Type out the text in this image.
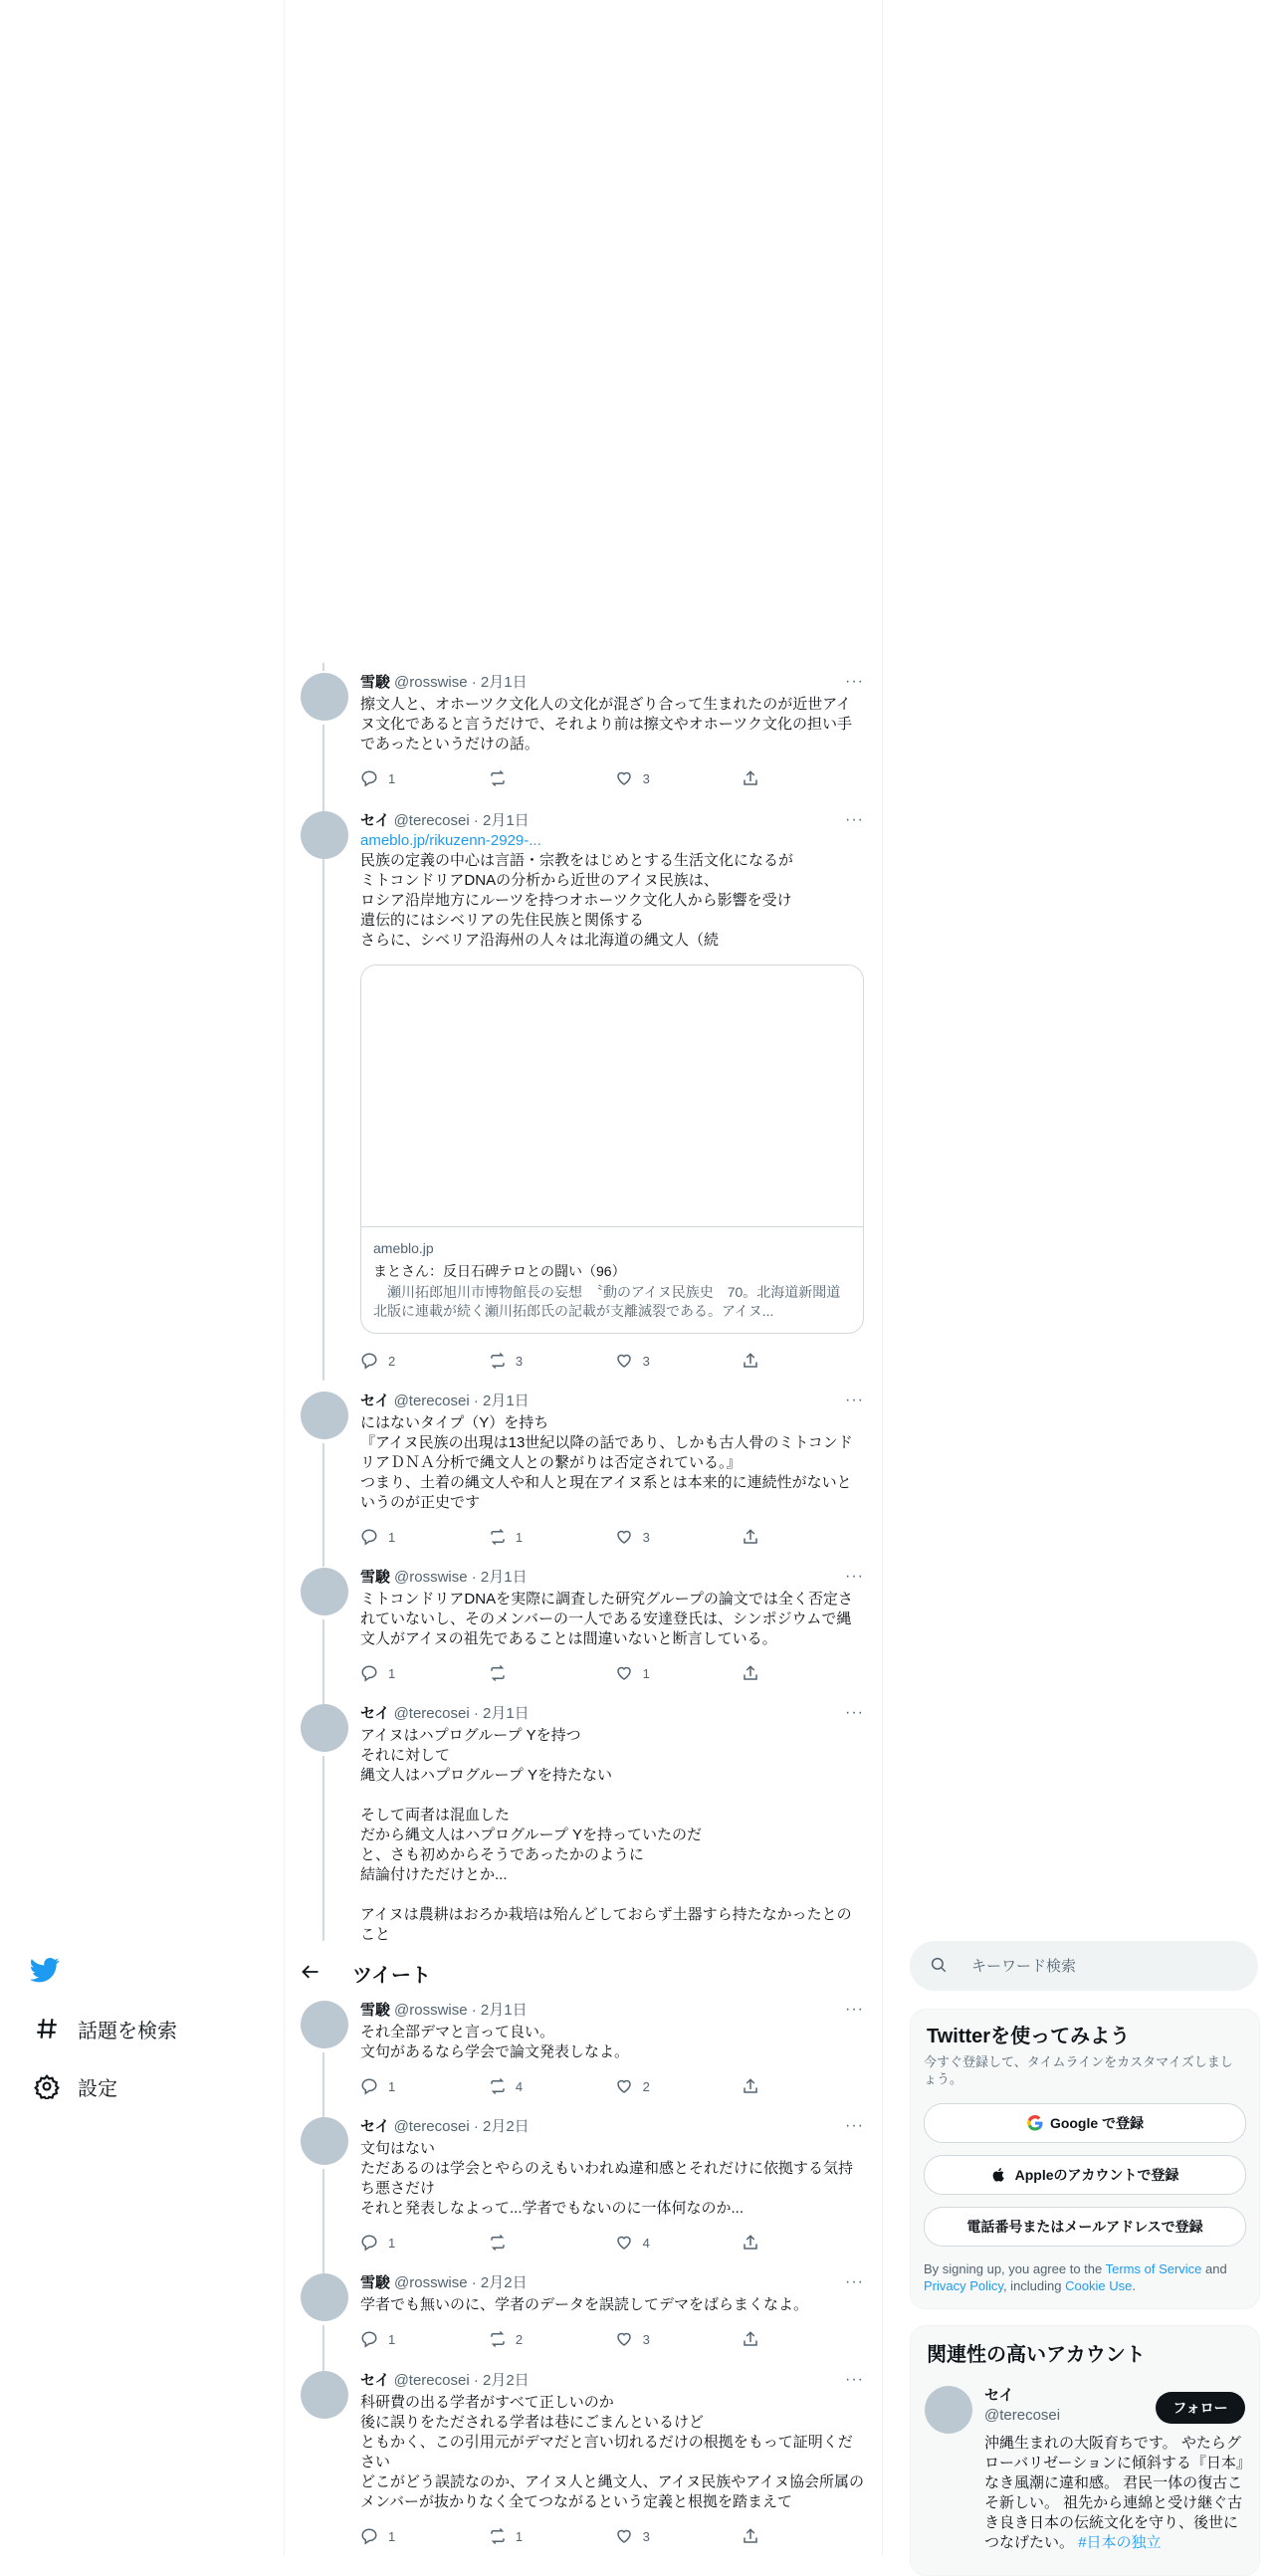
話題を検索
設定
雪駿 @rosswise · 2月1日	···
擦文人と、オホーツク文化人の文化が混ざり合って生まれたのが近世アイヌ文化であると言うだけで、それより前は擦文やオホーツク文化の担い手であったというだけの話。
1	3
セイ @terecosei · 2月1日	···
ameblo.jp/rikuzenn-2929-...
民族の定義の中心は言語・宗教をはじめとする生活文化になるが
ミトコンドリアDNAの分析から近世のアイヌ民族は、
ロシア沿岸地方にルーツを持つオホーツク文化人から影響を受け
遺伝的にはシベリアの先住民族と関係する
さらに、シベリア沿海州の人々は北海道の縄文人（続
ameblo.jp
まとさん：反日石碑テロとの闘い（96）
　瀬川拓郎旭川市博物館長の妄想　〝動のアイヌ民族史　70。北海道新聞道北版に連載が続く瀬川拓郎氏の記載が支離滅裂である。アイヌ...
2	3	3
セイ @terecosei · 2月1日	···
にはないタイプ（Y）を持ち
『アイヌ民族の出現は13世紀以降の話であり、しかも古人骨のミトコンドリアＤＮＡ分析で縄文人との繋がりは否定されている。』
つまり、土着の縄文人や和人と現在アイヌ系とは本来的に連続性がないというのが正史です
1	1	3
雪駿 @rosswise · 2月1日	···
ミトコンドリアDNAを実際に調査した研究グループの論文では全く否定されていないし、そのメンバーの一人である安達登氏は、シンポジウムで縄文人がアイヌの祖先であることは間違いないと断言している。
1	1
セイ @terecosei · 2月1日	···
アイヌはハプログループ Yを持つ
それに対して
縄文人はハプログループ Yを持たない

そして両者は混血した
だから縄文人はハプログループ Yを持っていたのだ
と、さも初めからそうであったかのように
結論付けただけとか...

アイヌは農耕はおろか栽培は殆んどしておらず土器すら持たなかったとのこと
ツイート
雪駿 @rosswise · 2月1日	···
それ全部デマと言って良い。
文句があるなら学会で論文発表しなよ。
1	4	2
セイ @terecosei · 2月2日	···
文句はない
ただあるのは学会とやらのえもいわれぬ違和感とそれだけに依拠する気持ち悪さだけ
それと発表しなよって...学者でもないのに一体何なのか...
1	4
雪駿 @rosswise · 2月2日	···
学者でも無いのに、学者のデータを誤読してデマをばらまくなよ。
1	2	3
セイ @terecosei · 2月2日	···
科研費の出る学者がすべて正しいのか
後に誤りをただされる学者は巷にごまんといるけど
ともかく、この引用元がデマだと言い切れるだけの根拠をもって証明ください
どこがどう誤読なのか、アイヌ人と縄文人、アイヌ民族やアイヌ協会所属のメンバーが抜かりなく全てつながるという定義と根拠を踏まえて
1	1	3
キーワード検索
Twitterを使ってみよう
今すぐ登録して、タイムラインをカスタマイズしましょう。
Google で登録
Appleのアカウントで登録
電話番号またはメールアドレスで登録
By signing up, you agree to the Terms of Service and Privacy Policy, including Cookie Use.
関連性の高いアカウント
セイ
@terecosei	フォロー
沖縄生まれの大阪育ちです。 やたらグローバリゼーションに傾斜する『日本』なき風潮に違和感。 君民一体の復古こそ新しい。 祖先から連綿と受け継ぐ古き良き日本の伝統文化を守り、後世につなげたい。 #日本の独立
